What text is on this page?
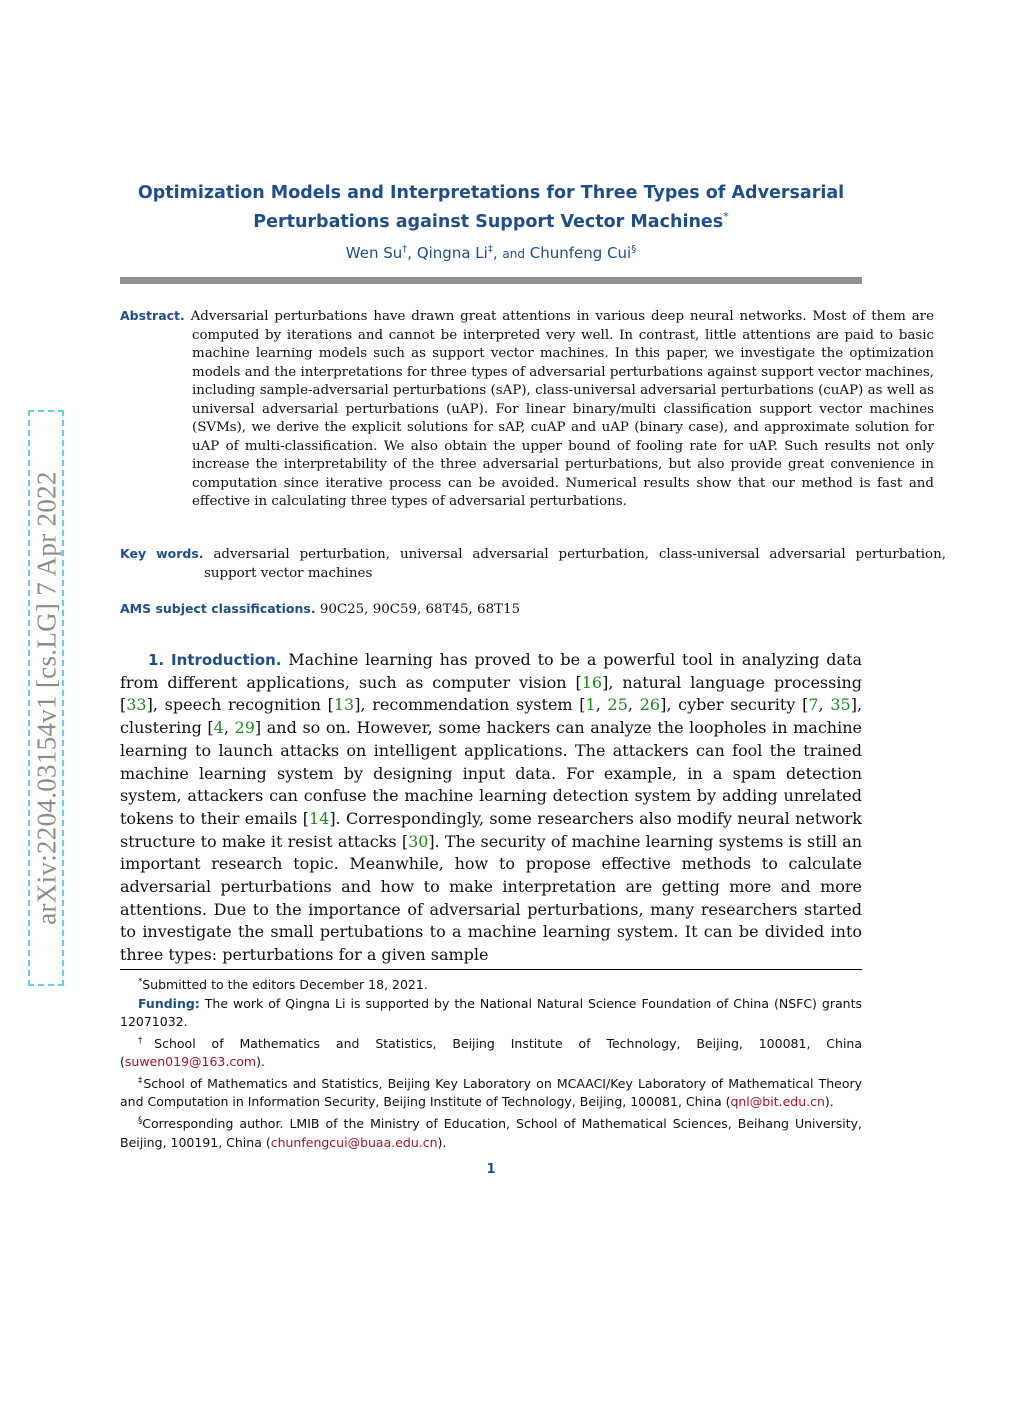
arXiv:2204.03154v1 [cs.LG] 7 Apr 2022
Optimization Models and Interpretations for Three Types of Adversarial Perturbations against Support Vector Machines*
Wen Su†, Qingna Li‡, and Chunfeng Cui§
Abstract. Adversarial perturbations have drawn great attentions in various deep neural networks. Most of them are computed by iterations and cannot be interpreted very well. In contrast, little attentions are paid to basic machine learning models such as support vector machines. In this paper, we investigate the optimization models and the interpretations for three types of adversarial perturbations against support vector machines, including sample-adversarial perturbations (sAP), class-universal adversarial perturbations (cuAP) as well as universal adversarial perturbations (uAP). For linear binary/multi classification support vector machines (SVMs), we derive the explicit solutions for sAP, cuAP and uAP (binary case), and approximate solution for uAP of multi-classification. We also obtain the upper bound of fooling rate for uAP. Such results not only increase the interpretability of the three adversarial perturbations, but also provide great convenience in computation since iterative process can be avoided. Numerical results show that our method is fast and effective in calculating three types of adversarial perturbations.
Key words. adversarial perturbation, universal adversarial perturbation, class-universal adversarial perturbation, support vector machines
AMS subject classifications. 90C25, 90C59, 68T45, 68T15
1. Introduction. Machine learning has proved to be a powerful tool in analyzing data from different applications, such as computer vision [16], natural language processing [33], speech recognition [13], recommendation system [1, 25, 26], cyber security [7, 35], clustering [4, 29] and so on. However, some hackers can analyze the loopholes in machine learning to launch attacks on intelligent applications. The attackers can fool the trained machine learning system by designing input data. For example, in a spam detection system, attackers can confuse the machine learning detection system by adding unrelated tokens to their emails [14]. Correspondingly, some researchers also modify neural network structure to make it resist attacks [30]. The security of machine learning systems is still an important research topic. Meanwhile, how to propose effective methods to calculate adversarial perturbations and how to make interpretation are getting more and more attentions. Due to the importance of adversarial perturbations, many researchers started to investigate the small pertubations to a machine learning system. It can be divided into three types: perturbations for a given sample

*Submitted to the editors December 18, 2021.

Funding: The work of Qingna Li is supported by the National Natural Science Foundation of China (NSFC) grants 12071032.

†School of Mathematics and Statistics, Beijing Institute of Technology, Beijing, 100081, China (suwen019@163.com).

‡School of Mathematics and Statistics, Beijing Key Laboratory on MCAACI/Key Laboratory of Mathematical Theory and Computation in Information Security, Beijing Institute of Technology, Beijing, 100081, China (qnl@bit.edu.cn).

§Corresponding author. LMIB of the Ministry of Education, School of Mathematical Sciences, Beihang University, Beijing, 100191, China (chunfengcui@buaa.edu.cn).

1
